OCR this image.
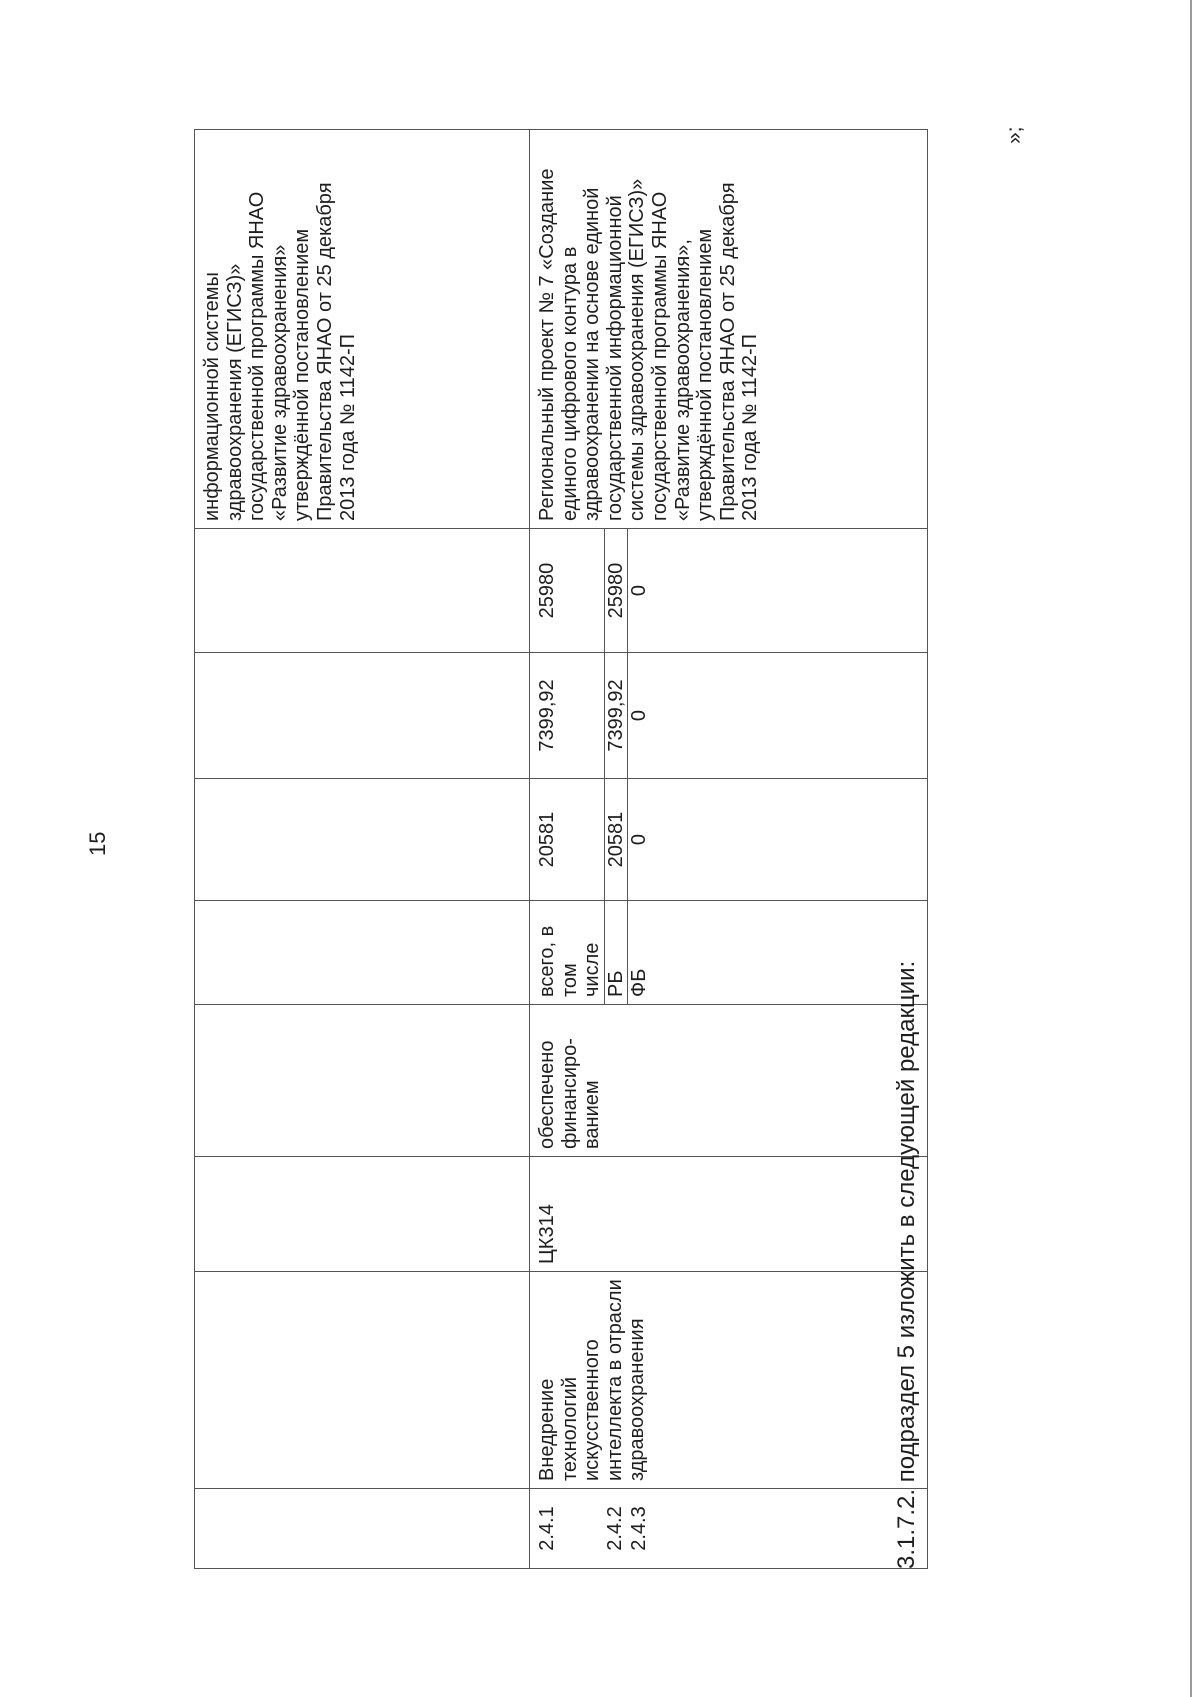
15
								информационной системы здравоохранения (ЕГИСЗ)» государственной программы ЯНАО «Развитие здравоохранения» утверждённой постановлением Правительства ЯНАО от 25 декабря 2013 года № 1142-П
2.4.1	Внедрение технологий искусственного интеллекта в отрасли здравоохранения	ЦК314	обеспечено финансиро-ванием	всего, в том числе	20581	7399,92	25980	Региональный проект № 7 «Создание единого цифрового контура в здравоохранении на основе единой государственной информационной системы здравоохранения (ЕГИСЗ)» государственной программы ЯНАО «Развитие здравоохранения», утверждённой постановлением Правительства ЯНАО от 25 декабря 2013 года № 1142-П
2.4.2				РБ	20581	7399,92	25980	
2.4.3				ФБ	0	0	0	
»;
3.1.7.2. подраздел 5 изложить в следующей редакции:
